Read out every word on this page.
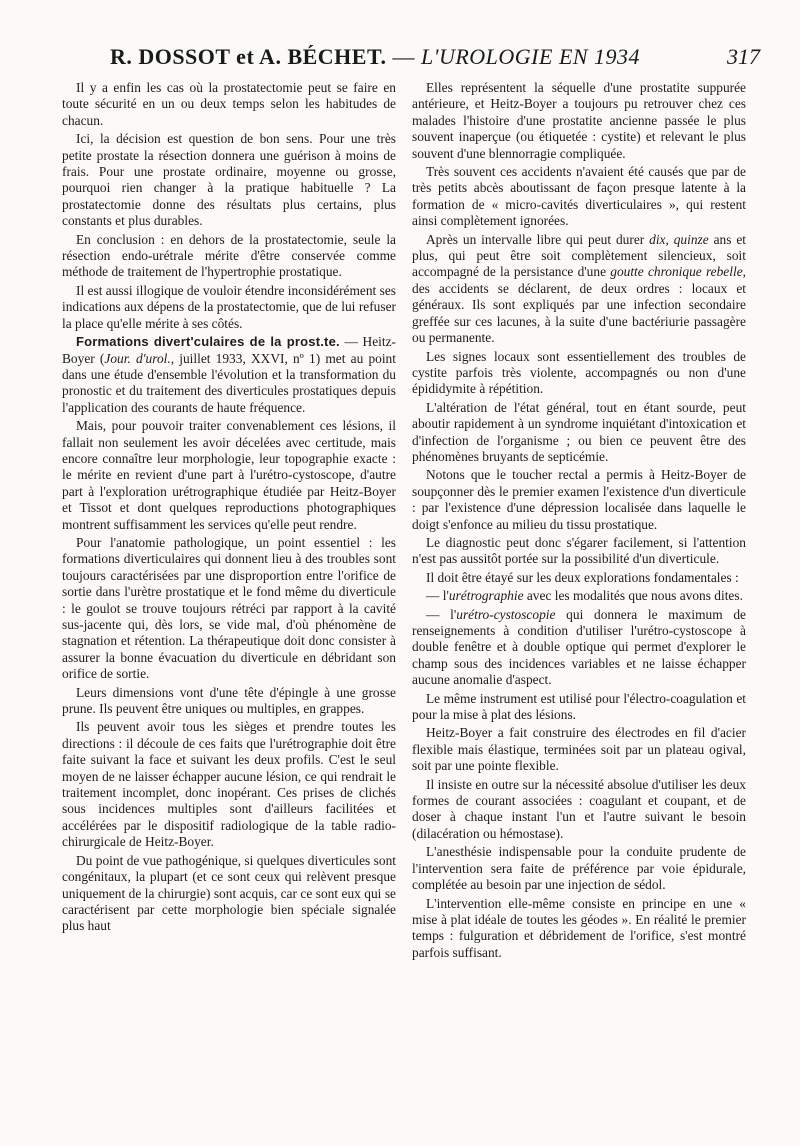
R. DOSSOT et A. BÉCHET. — L'UROLOGIE EN 1934	317

Il y a enfin les cas où la prostatectomie peut se faire en toute sécurité en un ou deux temps selon les habitudes de chacun.

Ici, la décision est question de bon sens. Pour une très petite prostate la résection donnera une guérison à moins de frais. Pour une prostate ordinaire, moyenne ou grosse, pourquoi rien changer à la pratique habituelle ? La prostatectomie donne des résultats plus certains, plus constants et plus durables.

En conclusion : en dehors de la prostatectomie, seule la résection endo-urétrale mérite d'être conservée comme méthode de traitement de l'hypertrophie prostatique.

Il est aussi illogique de vouloir étendre inconsidérément ses indications aux dépens de la prostatectomie, que de lui refuser la place qu'elle mérite à ses côtés.

Formations divert'culaires de la prost.te. — Heitz-Boyer (Jour. d'urol., juillet 1933, XXVI, nº 1) met au point dans une étude d'ensemble l'évolution et la transformation du pronostic et du traitement des diverticules prostatiques depuis l'application des courants de haute fréquence.

Mais, pour pouvoir traiter convenablement ces lésions, il fallait non seulement les avoir décelées avec certitude, mais encore connaître leur morphologie, leur topographie exacte : le mérite en revient d'une part à l'urétro-cystoscope, d'autre part à l'exploration urétrographique étudiée par Heitz-Boyer et Tissot et dont quelques reproductions photographiques montrent suffisamment les services qu'elle peut rendre.

Pour l'anatomie pathologique, un point essentiel : les formations diverticulaires qui donnent lieu à des troubles sont toujours caractérisées par une disproportion entre l'orifice de sortie dans l'urètre prostatique et le fond même du diverticule : le goulot se trouve toujours rétréci par rapport à la cavité sus-jacente qui, dès lors, se vide mal, d'où phénomène de stagnation et rétention. La thérapeutique doit donc consister à assurer la bonne évacuation du diverticule en débridant son orifice de sortie.

Leurs dimensions vont d'une tête d'épingle à une grosse prune. Ils peuvent être uniques ou multiples, en grappes.

Ils peuvent avoir tous les sièges et prendre toutes les directions : il découle de ces faits que l'urétrographie doit être faite suivant la face et suivant les deux profils. C'est le seul moyen de ne laisser échapper aucune lésion, ce qui rendrait le traitement incomplet, donc inopérant. Ces prises de clichés sous incidences multiples sont d'ailleurs facilitées et accélérées par le dispositif radiologique de la table radio-chirurgicale de Heitz-Boyer.

Du point de vue pathogénique, si quelques diverticules sont congénitaux, la plupart (et ce sont ceux qui relèvent presque uniquement de la chirurgie) sont acquis, car ce sont eux qui se caractérisent par cette morphologie bien spéciale signalée plus haut

Elles représentent la séquelle d'une prostatite suppurée antérieure, et Heitz-Boyer a toujours pu retrouver chez ces malades l'histoire d'une prostatite ancienne passée le plus souvent inaperçue (ou étiquetée : cystite) et relevant le plus souvent d'une blennorragie compliquée.

Très souvent ces accidents n'avaient été causés que par de très petits abcès aboutissant de façon presque latente à la formation de « micro-cavités diverticulaires », qui restent ainsi complètement ignorées.

Après un intervalle libre qui peut durer dix, quinze ans et plus, qui peut être soit complètement silencieux, soit accompagné de la persistance d'une goutte chronique rebelle, des accidents se déclarent, de deux ordres : locaux et généraux. Ils sont expliqués par une infection secondaire greffée sur ces lacunes, à la suite d'une bactériurie passagère ou permanente.

Les signes locaux sont essentiellement des troubles de cystite parfois très violente, accompagnés ou non d'une épididymite à répétition.

L'altération de l'état général, tout en étant sourde, peut aboutir rapidement à un syndrome inquiétant d'intoxication et d'infection de l'organisme ; ou bien ce peuvent être des phénomènes bruyants de septicémie.

Notons que le toucher rectal a permis à Heitz-Boyer de soupçonner dès le premier examen l'existence d'un diverticule : par l'existence d'une dépression localisée dans laquelle le doigt s'enfonce au milieu du tissu prostatique.

Le diagnostic peut donc s'égarer facilement, si l'attention n'est pas aussitôt portée sur la possibilité d'un diverticule.

Il doit être étayé sur les deux explorations fondamentales :

— l'urétrographie avec les modalités que nous avons dites.

— l'urétro-cystoscopie qui donnera le maximum de renseignements à condition d'utiliser l'urétro-cystoscope à double fenêtre et à double optique qui permet d'explorer le champ sous des incidences variables et ne laisse échapper aucune anomalie d'aspect.

Le même instrument est utilisé pour l'électro-coagulation et pour la mise à plat des lésions.

Heitz-Boyer a fait construire des électrodes en fil d'acier flexible mais élastique, terminées soit par un plateau ogival, soit par une pointe flexible.

Il insiste en outre sur la nécessité absolue d'utiliser les deux formes de courant associées : coagulant et coupant, et de doser à chaque instant l'un et l'autre suivant le besoin (dilacération ou hémostase).

L'anesthésie indispensable pour la conduite prudente de l'intervention sera faite de préférence par voie épidurale, complétée au besoin par une injection de sédol.

L'intervention elle-même consiste en principe en une « mise à plat idéale de toutes les géodes ». En réalité le premier temps : fulguration et débridement de l'orifice, s'est montré parfois suffisant.
